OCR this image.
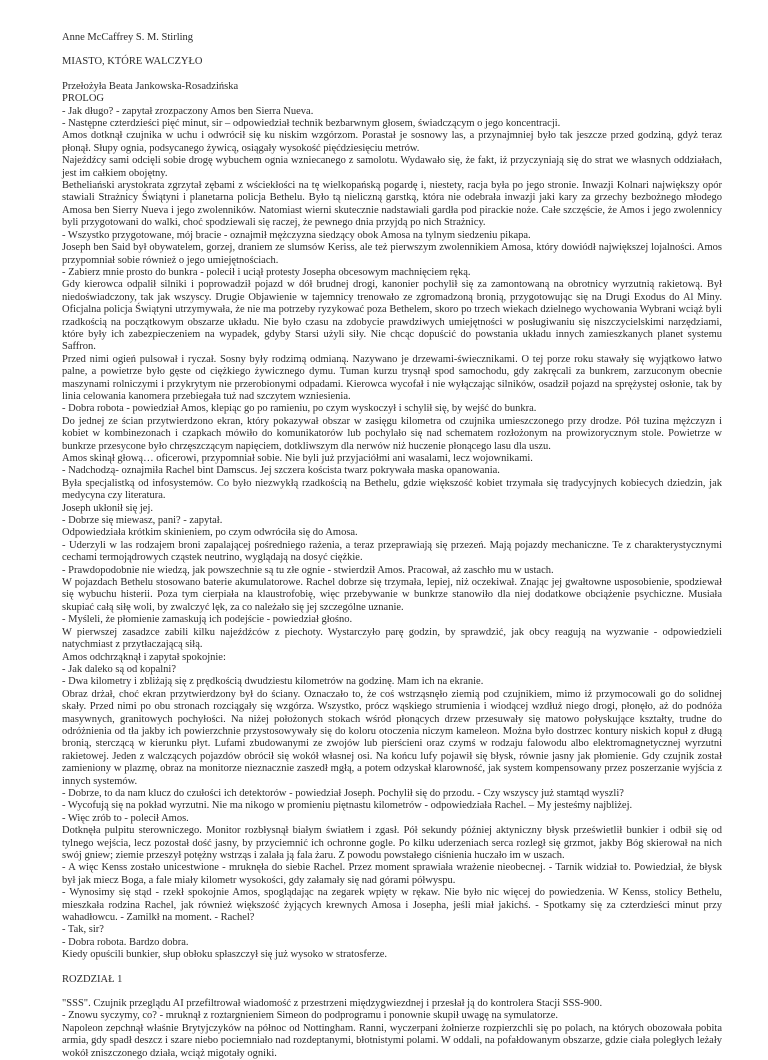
Anne McCaffrey S. M. Stirling
MIASTO, KTÓRE WALCZYŁO
Przełożyła Beata Jankowska-Rosadzińska
PROLOG

- Jak długo? - zapytał zrozpaczony Amos ben Sierra Nueva.

- Następne czterdzieści pięć minut, sir – odpowiedział technik bezbarwnym głosem, świadczącym o jego koncentracji.

Amos dotknął czujnika w uchu i odwrócił się ku niskim wzgórzom. Porastał je sosnowy las, a przynajmniej było tak jeszcze przed godziną, gdyż teraz płonął. Słupy ognia, podsycanego żywicą, osiągały wysokość pięćdziesięciu metrów.

Najeźdźcy sami odcięli sobie drogę wybuchem ognia wzniecanego z samolotu. Wydawało się, że fakt, iż przyczyniają się do strat we własnych oddziałach, jest im całkiem obojętny.

Betheliański arystokrata zgrzytał zębami z wściekłości na tę wielkopańską pogardę i, niestety, racja była po jego stronie. Inwazji Kolnari największy opór stawiali Strażnicy Świątyni i planetarna policja Bethelu. Było tą nieliczną garstką, która nie odebrała inwazji jaki kary za grzechy bezbożnego młodego Amosa ben Sierry Nueva i jego zwolenników. Natomiast wierni skutecznie nadstawiali gardła pod pirackie noże. Całe szczęście, że Amos i jego zwolennicy byli przygotowani do walki, choć spodziewali się raczej, że pewnego dnia przyjdą po nich Strażnicy.

- Wszystko przygotowane, mój bracie - oznajmił mężczyzna siedzący obok Amosa na tylnym siedzeniu pikapa.

Joseph ben Said był obywatelem, gorzej, draniem ze slumsów Keriss, ale też pierwszym zwolennikiem Amosa, który dowiódł największej lojalności. Amos przypomniał sobie również o jego umiejętnościach.

- Zabierz mnie prosto do bunkra - polecił i uciął protesty Josepha obcesowym machnięciem ręką.

Gdy kierowca odpalił silniki i poprowadził pojazd w dół brudnej drogi, kanonier pochylił się za zamontowaną na obrotnicy wyrzutnią rakietową. Był niedoświadczony, tak jak wszyscy. Drugie Objawienie w tajemnicy trenowało ze zgromadzoną bronią, przygotowując się na Drugi Exodus do Al Miny. Oficjalna policja Świątyni utrzymywała, że nie ma potrzeby ryzykować poza Bethelem, skoro po trzech wiekach dzielnego wychowania Wybrani wciąż byli rzadkością na początkowym obszarze układu. Nie było czasu na zdobycie prawdziwych umiejętności w posługiwaniu się niszczycielskimi narzędziami, które były ich zabezpieczeniem na wypadek, gdyby Starsi użyli siły. Nie chcąc dopuścić do powstania układu innych zamieszkanych planet systemu Saffron.

Przed nimi ogień pulsował i ryczał. Sosny były rodzimą odmianą. Nazywano je drzewami-świecznikami. O tej porze roku stawały się wyjątkowo łatwo palne, a powietrze było gęste od ciężkiego żywicznego dymu. Tuman kurzu trysnął spod samochodu, gdy zakręcali za bunkrem, zarzuconym obecnie maszynami rolniczymi i przykrytym nie przerobionymi odpadami. Kierowca wycofał i nie wyłączając silników, osadził pojazd na sprężystej osłonie, tak by linia celowania kanomera przebiegała tuż nad szczytem wzniesienia.

- Dobra robota - powiedział Amos, klepiąc go po ramieniu, po czym wyskoczył i schylił się, by wejść do bunkra.

Do jednej ze ścian przytwierdzono ekran, który pokazywał obszar w zasięgu kilometra od czujnika umieszczonego przy drodze. Pół tuzina mężczyzn i kobiet w kombinezonach i czapkach mówiło do komunikatorów lub pochylało się nad schematem rozłożonym na prowizorycznym stole. Powietrze w bunkrze przesycone było chrzęszczącym napięciem, dotkliwszym dla nerwów niż huczenie płonącego lasu dla uszu.

Amos skinął głową… oficerowi, przypomniał sobie. Nie byli już przyjaciółmi ani wasalami, lecz wojownikami.

- Nadchodzą- oznajmiła Rachel bint Damscus. Jej szczera koścista twarz pokrywała maska opanowania.

Była specjalistką od infosystemów. Co było niezwykłą rzadkością na Bethelu, gdzie większość kobiet trzymała się tradycyjnych kobiecych dziedzin, jak medycyna czy literatura.

Joseph ukłonił się jej.

- Dobrze się miewasz, pani? - zapytał.

Odpowiedziała krótkim skinieniem, po czym odwróciła się do Amosa.

- Uderzyli w las rodzajem broni zapalającej pośredniego rażenia, a teraz przeprawiają się przezeń. Mają pojazdy mechaniczne. Te z charakterystycznymi cechami termojądrowych cząstek neutrino, wyglądają na dosyć ciężkie.

- Prawdopodobnie nie wiedzą, jak powszechnie są tu złe ognie - stwierdził Amos. Pracował, aż zaschło mu w ustach.

W pojazdach Bethelu stosowano baterie akumulatorowe. Rachel dobrze się trzymała, lepiej, niż oczekiwał. Znając jej gwałtowne usposobienie, spodziewał się wybuchu histerii. Poza tym cierpiała na klaustrofobię, więc przebywanie w bunkrze stanowiło dla niej dodatkowe obciążenie psychiczne. Musiała skupiać całą siłę woli, by zwalczyć lęk, za co należało się jej szczególne uznanie.

- Myśleli, że płomienie zamaskują ich podejście - powiedział głośno.

W pierwszej zasadzce zabili kilku najeźdźców z piechoty. Wystarczyło parę godzin, by sprawdzić, jak obcy reagują na wyzwanie - odpowiedzieli natychmiast z przytłaczającą siłą.

Amos odchrząknął i zapytał spokojnie:

- Jak daleko są od kopalni?

- Dwa kilometry i zbliżają się z prędkością dwudziestu kilometrów na godzinę. Mam ich na ekranie.

Obraz drżał, choć ekran przytwierdzony był do ściany. Oznaczało to, że coś wstrząsnęło ziemią pod czujnikiem, mimo iż przymocowali go do solidnej skały. Przed nimi po obu stronach rozciągały się wzgórza. Wszystko, prócz wąskiego strumienia i wiodącej wzdłuż niego drogi, płonęło, aż do podnóża masywnych, granitowych pochyłości. Na niżej położonych stokach wśród płonących drzew przesuwały się matowo połyskujące kształty, trudne do odróżnienia od tła jakby ich powierzchnie przystosowywały się do koloru otoczenia niczym kameleon. Można było dostrzec kontury niskich kopuł z długą bronią, sterczącą w kierunku płyt. Lufami zbudowanymi ze zwojów lub pierścieni oraz czymś w rodzaju falowodu albo elektromagnetycznej wyrzutni rakietowej. Jeden z walczących pojazdów obrócił się wokół własnej osi. Na końcu lufy pojawił się błysk, równie jasny jak płomienie. Gdy czujnik został zamieniony w plazmę, obraz na monitorze nieznacznie zaszedł mgłą, a potem odzyskał klarowność, jak system kompensowany przez poszerzanie wyjścia z innych systemów.

- Dobrze, to da nam klucz do czułości ich detektorów - powiedział Joseph. Pochylił się do przodu. - Czy wszyscy już stamtąd wyszli?

- Wycofują się na pokład wyrzutni. Nie ma nikogo w promieniu piętnastu kilometrów - odpowiedziała Rachel. – My jesteśmy najbliżej.

- Więc zrób to - polecił Amos.

Dotknęła pulpitu sterowniczego. Monitor rozbłysnął białym światłem i zgasł. Pół sekundy później aktyniczny błysk prześwietlił bunkier i odbił się od tylnego wejścia, lecz pozostał dość jasny, by przyciemnić ich ochronne gogle. Po kilku uderzeniach serca rozległ się grzmot, jakby Bóg skierował na nich swój gniew; ziemie przeszył potężny wstrząs i zalała ją fala żaru. Z powodu powstałego ciśnienia huczało im w uszach.

- A więc Kenss zostało unicestwione - mruknęła do siebie Rachel. Przez moment sprawiała wrażenie nieobecnej. - Tarnik widział to. Powiedział, że błysk był jak miecz Boga, a fale miały kilometr wysokości, gdy załamały się nad górami półwyspu.

- Wynosimy się stąd - rzekł spokojnie Amos, spoglądając na zegarek wpięty w rękaw. Nie było nic więcej do powiedzenia. W Kenss, stolicy Bethelu, mieszkała rodzina Rachel, jak również większość żyjących krewnych Amosa i Josepha, jeśli miał jakichś. - Spotkamy się za czterdzieści minut przy wahadłowcu. - Zamilkł na moment. - Rachel?

- Tak, sir?

- Dobra robota. Bardzo dobra.

Kiedy opuścili bunkier, słup obłoku spłaszczył się już wysoko w stratosferze.

ROZDZIAŁ 1

"SSS". Czujnik przeglądu AI przefiltrował wiadomość z przestrzeni międzygwiezdnej i przesłał ją do kontrolera Stacji SSS-900.

- Znowu syczymy, co? - mruknął z roztargnieniem Simeon do podprogramu i ponownie skupił uwagę na symulatorze.

Napoleon zepchnął właśnie Brytyjczyków na północ od Nottingham. Ranni, wyczerpani żołnierze rozpierzchli się po polach, na których obozowała pobita armia, gdy spadł deszcz i szare niebo pociemniało nad rozdeptanymi, błotnistymi polami. W oddali, na pofałdowanym obszarze, gdzie ciała poległych leżały wokół zniszczonego działa, wciąż migotały ogniki.
